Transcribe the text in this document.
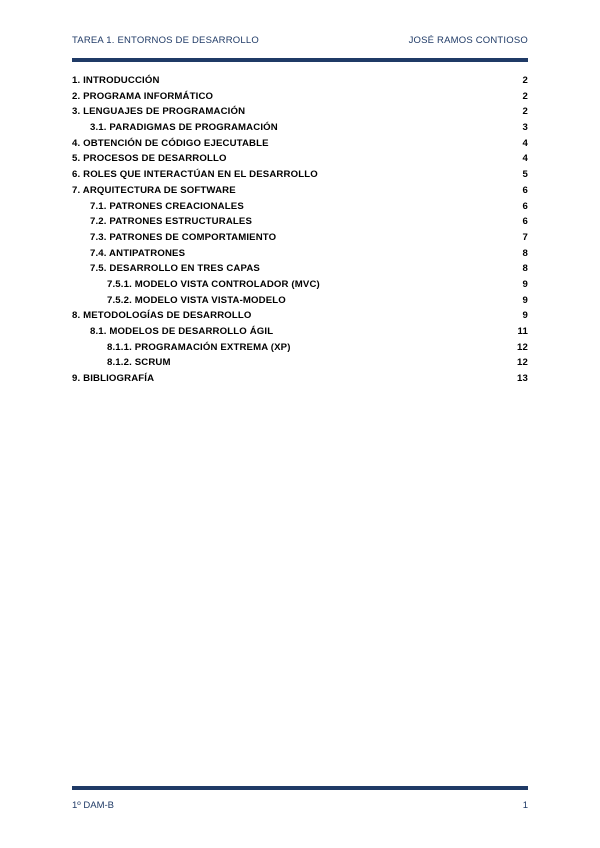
TAREA 1. ENTORNOS DE DESARROLLO	JOSÉ RAMOS CONTIOSO
1. INTRODUCCIÓN	2
2. PROGRAMA INFORMÁTICO	2
3. LENGUAJES DE PROGRAMACIÓN	2
3.1. PARADIGMAS DE PROGRAMACIÓN	3
4. OBTENCIÓN DE CÓDIGO EJECUTABLE	4
5. PROCESOS DE DESARROLLO	4
6. ROLES QUE INTERACTÚAN EN EL DESARROLLO	5
7. ARQUITECTURA DE SOFTWARE	6
7.1. PATRONES CREACIONALES	6
7.2. PATRONES ESTRUCTURALES	6
7.3. PATRONES DE COMPORTAMIENTO	7
7.4. ANTIPATRONES	8
7.5. DESARROLLO EN TRES CAPAS	8
7.5.1. MODELO VISTA CONTROLADOR (MVC)	9
7.5.2. MODELO VISTA VISTA-MODELO	9
8. METODOLOGÍAS DE DESARROLLO	9
8.1. MODELOS DE DESARROLLO ÁGIL	11
8.1.1. PROGRAMACIÓN EXTREMA (XP)	12
8.1.2. SCRUM	12
9. BIBLIOGRAFÍA	13
1º DAM-B	1
